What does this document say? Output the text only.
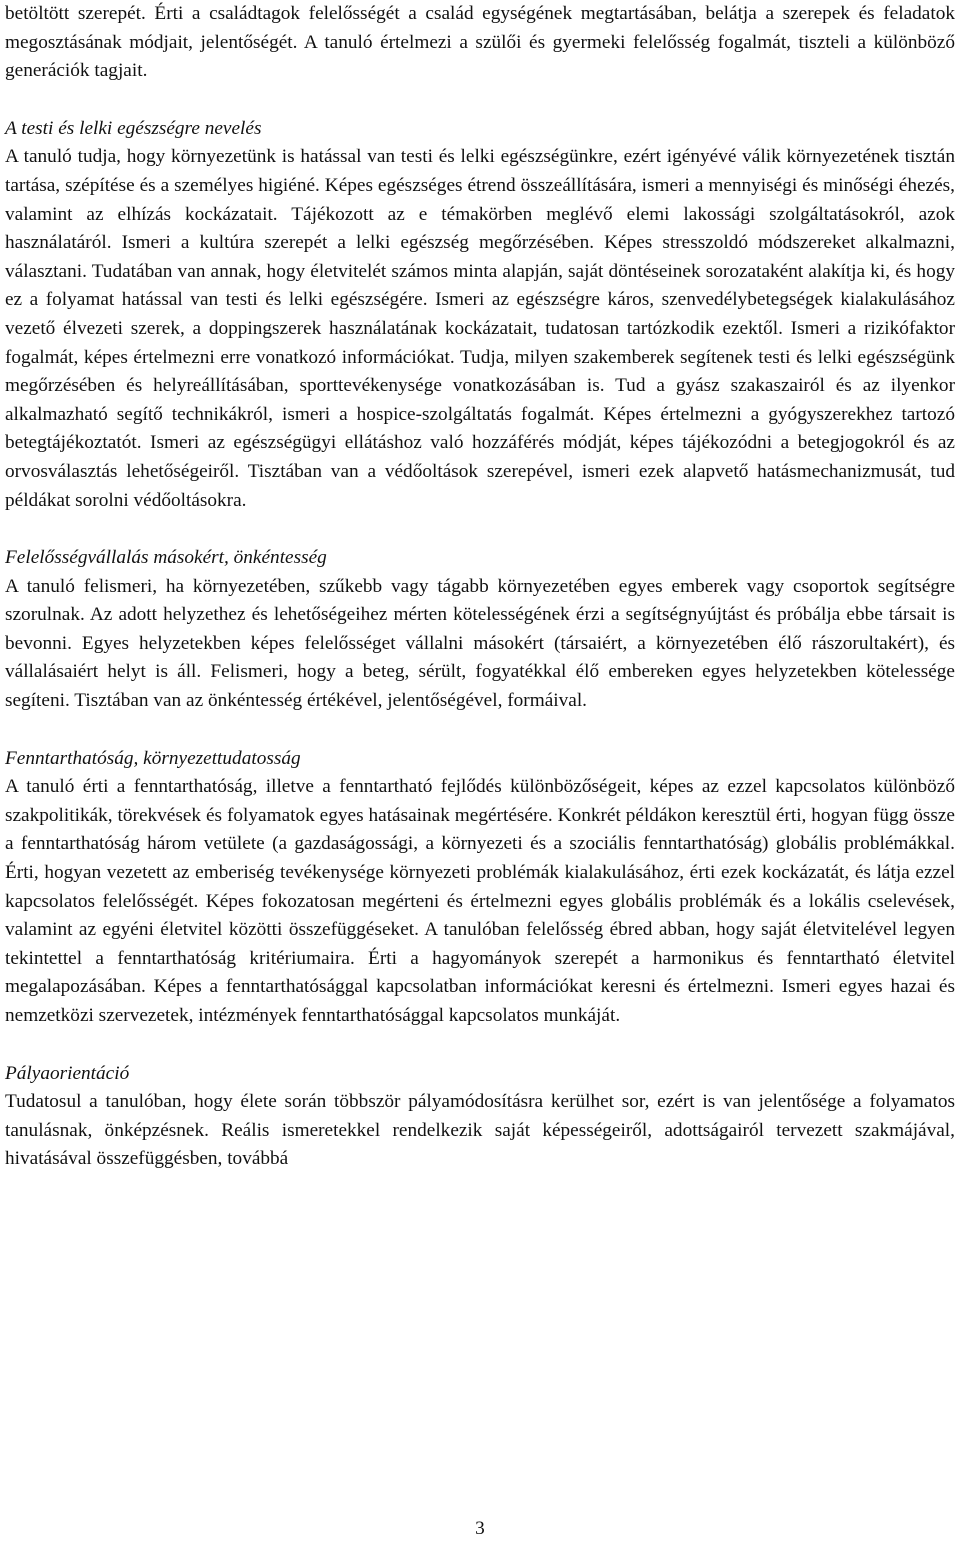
betöltött szerepét. Érti a családtagok felelősségét a család egységének megtartásában, belátja a szerepek és feladatok megosztásának módjait, jelentőségét. A tanuló értelmezi a szülői és gyermeki felelősség fogalmát, tiszteli a különböző generációk tagjait.

A testi és lelki egészségre nevelés

A tanuló tudja, hogy környezetünk is hatással van testi és lelki egészségünkre, ezért igényévé válik környezetének tisztán tartása, szépítése és a személyes higiéné. Képes egészséges étrend összeállítására, ismeri a mennyiségi és minőségi éhezés, valamint az elhízás kockázatait. Tájékozott az e témakörben meglévő elemi lakossági szolgáltatásokról, azok használatáról. Ismeri a kultúra szerepét a lelki egészség megőrzésében. Képes stresszoldó módszereket alkalmazni, választani. Tudatában van annak, hogy életvitelét számos minta alapján, saját döntéseinek sorozataként alakítja ki, és hogy ez a folyamat hatással van testi és lelki egészségére. Ismeri az egészségre káros, szenvedélybetegségek kialakulásához vezető élvezeti szerek, a doppingszerek használatának kockázatait, tudatosan tartózkodik ezektől. Ismeri a rizikófaktor fogalmát, képes értelmezni erre vonatkozó információkat. Tudja, milyen szakemberek segítenek testi és lelki egészségünk megőrzésében és helyreállításában, sporttevékenysége vonatkozásában is. Tud a gyász szakaszairól és az ilyenkor alkalmazható segítő technikákról, ismeri a hospice-szolgáltatás fogalmát. Képes értelmezni a gyógyszerekhez tartozó betegtájékoztatót. Ismeri az egészségügyi ellátáshoz való hozzáférés módját, képes tájékozódni a betegjogokról és az orvosválasztás lehetőségeiről. Tisztában van a védőoltások szerepével, ismeri ezek alapvető hatásmechanizmusát, tud példákat sorolni védőoltásokra.

Felelősségvállalás másokért, önkéntesség

A tanuló felismeri, ha környezetében, szűkebb vagy tágabb környezetében egyes emberek vagy csoportok segítségre szorulnak. Az adott helyzethez és lehetőségeihez mérten kötelességének érzi a segítségnyújtást és próbálja ebbe társait is bevonni. Egyes helyzetekben képes felelősséget vállalni másokért (társaiért, a környezetében élő rászorultakért), és vállalásaiért helyt is áll. Felismeri, hogy a beteg, sérült, fogyatékkal élő embereken egyes helyzetekben kötelessége segíteni. Tisztában van az önkéntesség értékével, jelentőségével, formáival.

Fenntarthatóság, környezettudatosság

A tanuló érti a fenntarthatóság, illetve a fenntartható fejlődés különbözőségeit, képes az ezzel kapcsolatos különböző szakpolitikák, törekvések és folyamatok egyes hatásainak megértésére. Konkrét példákon keresztül érti, hogyan függ össze a fenntarthatóság három vetülete (a gazdaságossági, a környezeti és a szociális fenntarthatóság) globális problémákkal. Érti, hogyan vezetett az emberiség tevékenysége környezeti problémák kialakulásához, érti ezek kockázatát, és látja ezzel kapcsolatos felelősségét. Képes fokozatosan megérteni és értelmezni egyes globális problémák és a lokális cselevések, valamint az egyéni életvitel közötti összefüggéseket. A tanulóban felelősség ébred abban, hogy saját életvitelével legyen tekintettel a fenntarthatóság kritériumaira. Érti a hagyományok szerepét a harmonikus és fenntartható életvitel megalapozásában. Képes a fenntarthatósággal kapcsolatban információkat keresni és értelmezni. Ismeri egyes hazai és nemzetközi szervezetek, intézmények fenntarthatósággal kapcsolatos munkáját.

Pályaorientáció

Tudatosul a tanulóban, hogy élete során többször pályamódosításra kerülhet sor, ezért is van jelentősége a folyamatos tanulásnak, önképzésnek. Reális ismeretekkel rendelkezik saját képességeiről, adottságairól tervezett szakmájával, hivatásával összefüggésben, továbbá

3
